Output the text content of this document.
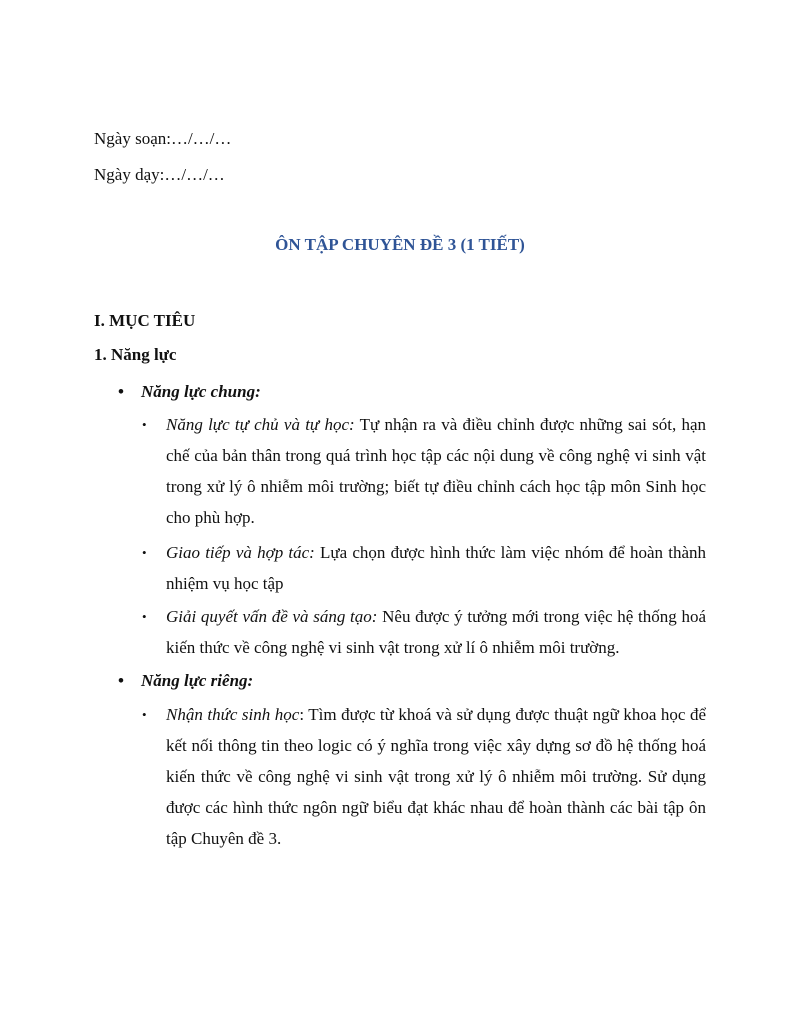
Ngày soạn:…/…/…
Ngày dạy:…/…/…
ÔN TẬP CHUYÊN ĐỀ 3 (1 TIẾT)
I. MỤC TIÊU
1. Năng lực
• Năng lực chung:
• Năng lực tự chủ và tự học: Tự nhận ra và điều chỉnh được những sai sót, hạn chế của bản thân trong quá trình học tập các nội dung về công nghệ vi sinh vật trong xử lý ô nhiễm môi trường; biết tự điều chỉnh cách học tập môn Sinh học cho phù hợp.
• Giao tiếp và hợp tác: Lựa chọn được hình thức làm việc nhóm để hoàn thành nhiệm vụ học tập
• Giải quyết vấn đề và sáng tạo: Nêu được ý tưởng mới trong việc hệ thống hoá kiến thức về công nghệ vi sinh vật trong xử lí ô nhiễm môi trường.
• Năng lực riêng:
• Nhận thức sinh học: Tìm được từ khoá và sử dụng được thuật ngữ khoa học để kết nối thông tin theo logic có ý nghĩa trong việc xây dựng sơ đồ hệ thống hoá kiến thức về công nghệ vi sinh vật trong xử lý ô nhiễm môi trường. Sử dụng được các hình thức ngôn ngữ biểu đạt khác nhau để hoàn thành các bài tập ôn tập Chuyên đề 3.
